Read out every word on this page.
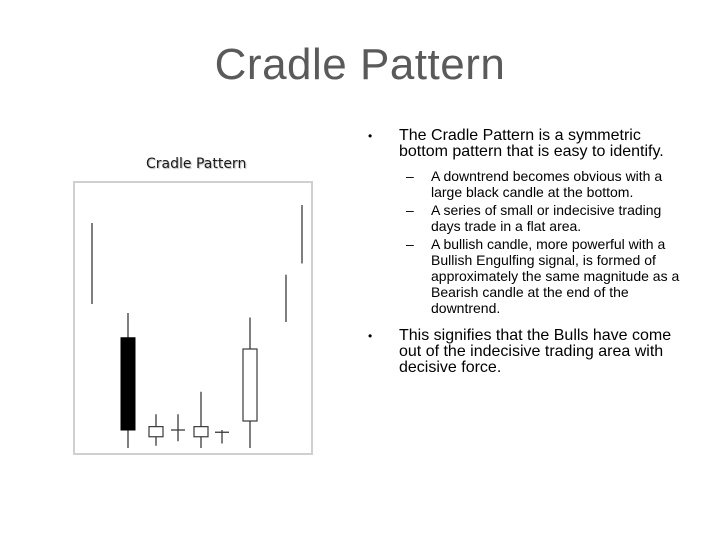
Cradle Pattern
Cradle Pattern
• The Cradle Pattern is a symmetric bottom pattern that is easy to identify.
– A downtrend becomes obvious with a large black candle at the bottom.
– A series of small or indecisive trading days trade in a flat area.
– A bullish candle, more powerful with a Bullish Engulfing signal, is formed of approximately the same magnitude as a Bearish candle at the end of the downtrend.
• This signifies that the Bulls have come out of the indecisive trading area with decisive force.
